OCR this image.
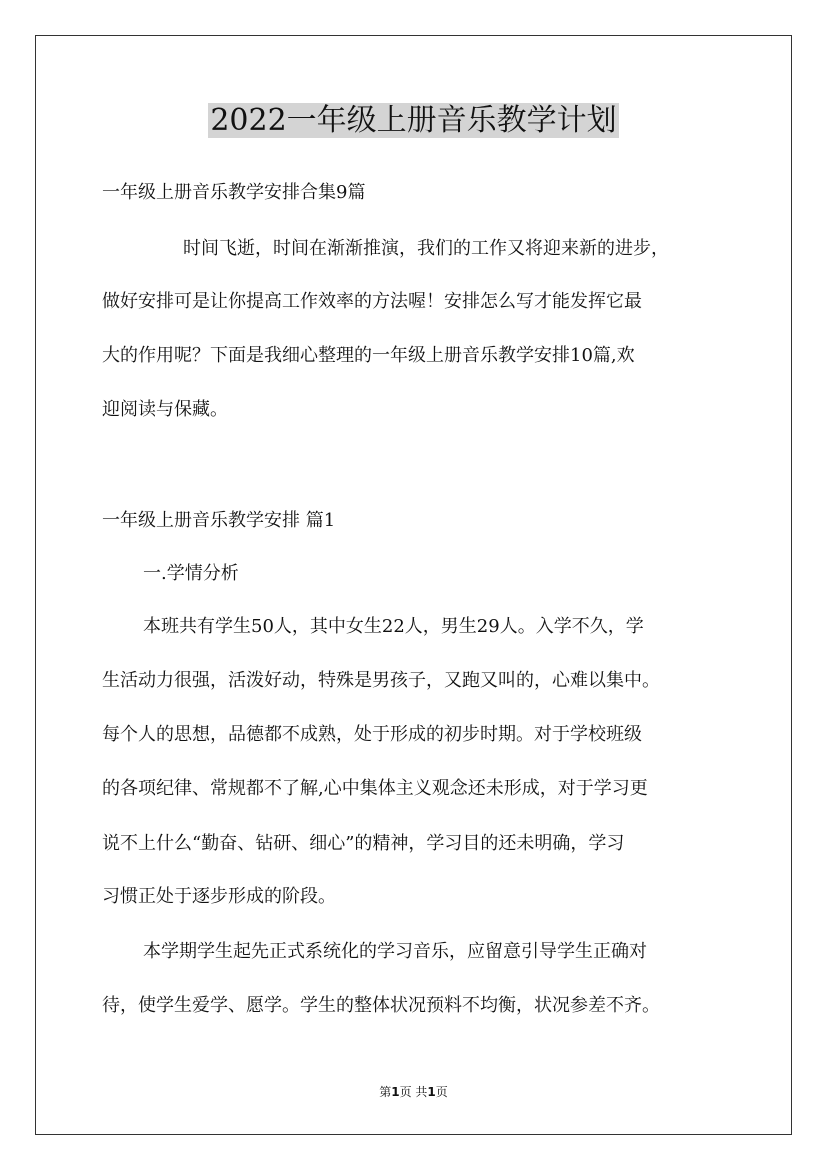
2022一年级上册音乐教学计划

一年级上册音乐教学安排合集9篇

时间飞逝，时间在渐渐推演，我们的工作又将迎来新的进步，

做好安排可是让你提高工作效率的方法喔！安排怎么写才能发挥它最

大的作用呢？下面是我细心整理的一年级上册音乐教学安排10篇,欢

迎阅读与保藏。

一年级上册音乐教学安排 篇1

一.学情分析

本班共有学生50人，其中女生22人，男生29人。入学不久，学

生活动力很强，活泼好动，特殊是男孩子，又跑又叫的，心难以集中。

每个人的思想，品德都不成熟，处于形成的初步时期。对于学校班级

的各项纪律、常规都不了解,心中集体主义观念还未形成，对于学习更

说不上什么“勤奋、钻研、细心”的精神，学习目的还未明确，学习

习惯正处于逐步形成的阶段。

本学期学生起先正式系统化的学习音乐，应留意引导学生正确对

待，使学生爱学、愿学。学生的整体状况预料不均衡，状况参差不齐。

第1页 共1页
